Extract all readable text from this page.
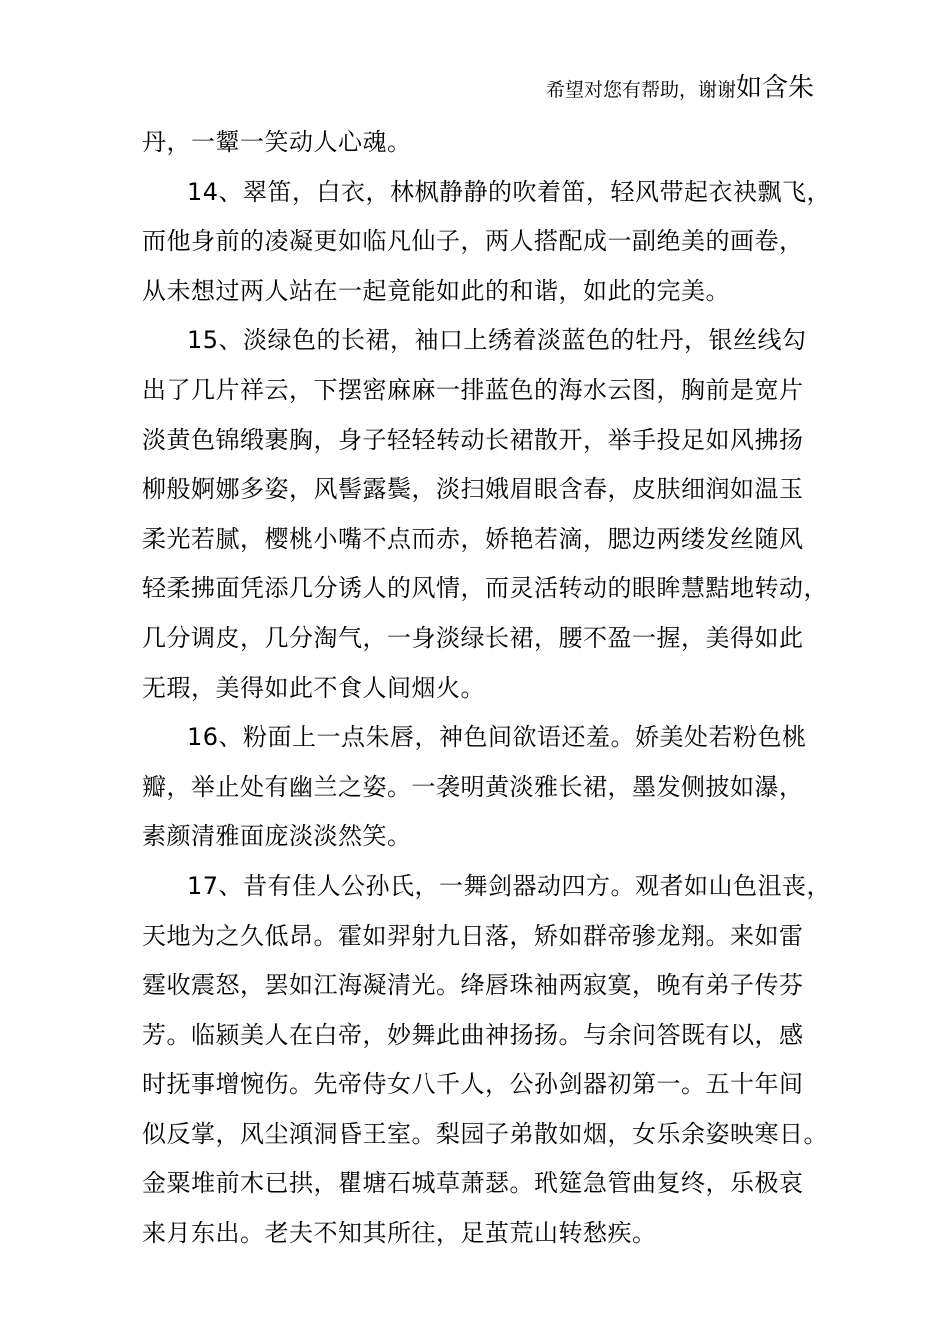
希望对您有帮助，谢谢如含朱
丹，一颦一笑动人心魂。
14、翠笛，白衣，林枫静静的吹着笛，轻风带起衣袂飘飞，
而他身前的凌凝更如临凡仙子，两人搭配成一副绝美的画卷，
从未想过两人站在一起竟能如此的和谐，如此的完美。
15、淡绿色的长裙，袖口上绣着淡蓝色的牡丹，银丝线勾
出了几片祥云，下摆密麻麻一排蓝色的海水云图，胸前是宽片
淡黄色锦缎裹胸，身子轻轻转动长裙散开，举手投足如风拂扬
柳般婀娜多姿，风髻露鬓，淡扫娥眉眼含春，皮肤细润如温玉
柔光若腻，樱桃小嘴不点而赤，娇艳若滴，腮边两缕发丝随风
轻柔拂面凭添几分诱人的风情，而灵活转动的眼眸慧黠地转动，
几分调皮，几分淘气，一身淡绿长裙，腰不盈一握，美得如此
无瑕，美得如此不食人间烟火。
16、粉面上一点朱唇，神色间欲语还羞。娇美处若粉色桃
瓣，举止处有幽兰之姿。一袭明黄淡雅长裙，墨发侧披如瀑，
素颜清雅面庞淡淡然笑。
17、昔有佳人公孙氏，一舞剑器动四方。观者如山色沮丧，
天地为之久低昂。霍如羿射九日落，矫如群帝骖龙翔。来如雷
霆收震怒，罢如江海凝清光。绛唇珠袖两寂寞，晚有弟子传芬
芳。临颍美人在白帝，妙舞此曲神扬扬。与余问答既有以，感
时抚事增惋伤。先帝侍女八千人，公孙剑器初第一。五十年间
似反掌，风尘澒洞昏王室。梨园子弟散如烟，女乐余姿映寒日。
金粟堆前木已拱，瞿塘石城草萧瑟。玳筵急管曲复终，乐极哀
来月东出。老夫不知其所往，足茧荒山转愁疾。
